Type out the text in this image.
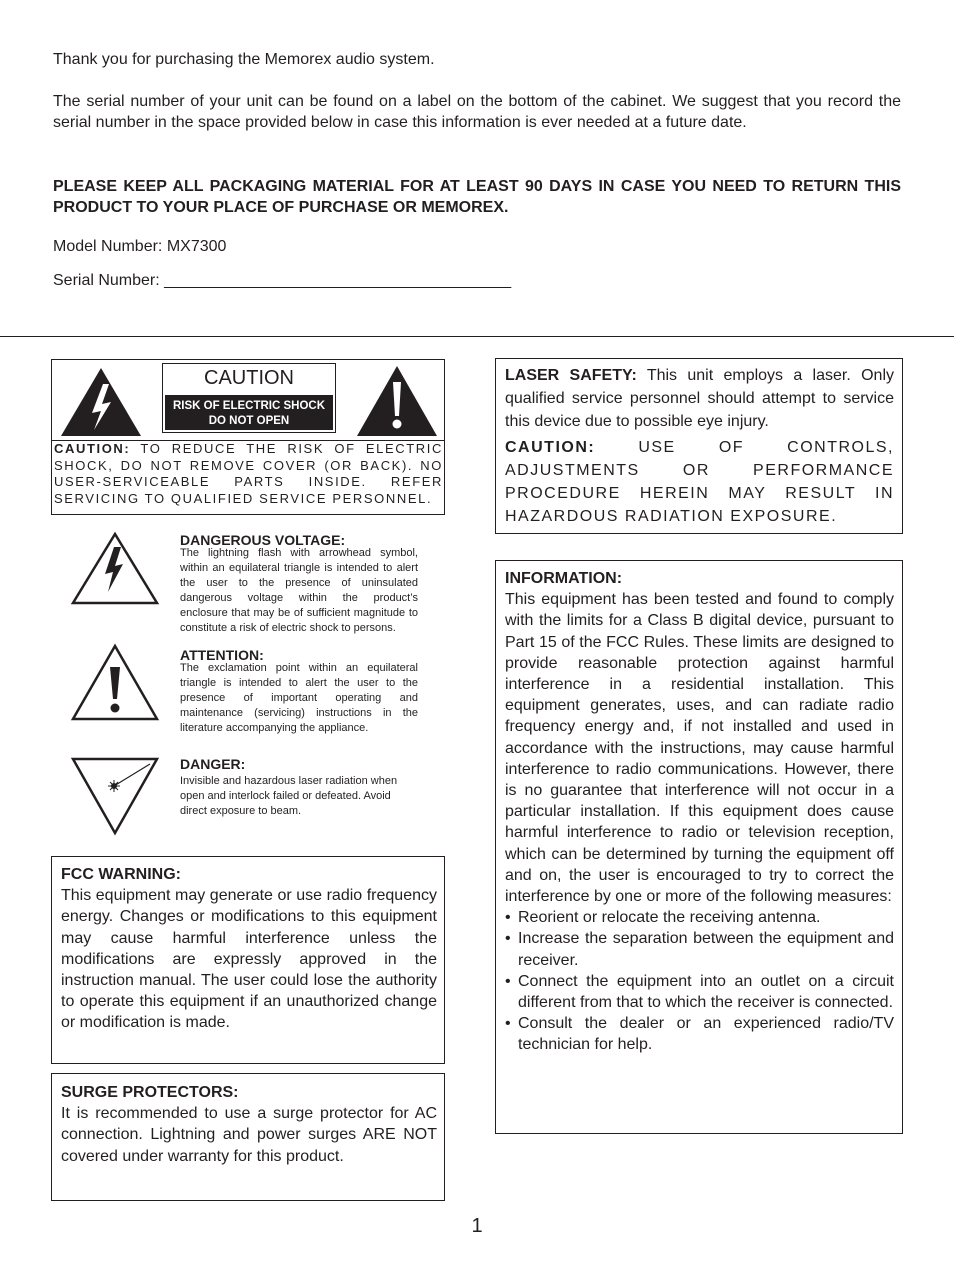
Thank you for purchasing the Memorex audio system.
The serial number of your unit can be found on a label on the bottom of the cabinet. We suggest that you record the serial number in the space provided below in case this information is ever needed at a future date.
PLEASE KEEP ALL PACKAGING MATERIAL FOR AT LEAST 90 DAYS IN CASE YOU NEED TO RETURN THIS PRODUCT TO YOUR PLACE OF PURCHASE OR MEMOREX.
Model Number: MX7300
Serial Number: _______________________________________
CAUTION
RISK OF ELECTRIC SHOCK
DO NOT OPEN
CAUTION: TO REDUCE THE RISK OF ELECTRIC SHOCK, DO NOT REMOVE COVER (OR BACK). NO USER-SERVICEABLE PARTS INSIDE. REFER SERVICING TO QUALIFIED SERVICE PERSONNEL.
DANGEROUS VOLTAGE:
The lightning flash with arrowhead symbol, within an equilateral triangle is intended to alert the user to the presence of uninsulated dangerous voltage within the product’s enclosure that may be of sufficient magnitude to constitute a risk of electric shock to persons.
ATTENTION:
The exclamation point within an equilateral triangle is intended to alert the user to the presence of important operating and maintenance (servicing) instructions in the literature accompanying the appliance.
DANGER:
Invisible and hazardous laser radiation when open and interlock failed or defeated. Avoid direct exposure to beam.
FCC WARNING:
This equipment may generate or use radio frequency energy. Changes or modifications to this equipment may cause harmful interference unless the modifications are expressly approved in the instruction manual. The user could lose the authority to operate this equipment if an unauthorized change or modification is made.
SURGE PROTECTORS:
It is recommended to use a surge protector for AC connection. Lightning and power surges ARE NOT covered under warranty for this product.
LASER SAFETY: This unit employs a laser. Only qualified service personnel should attempt to service this device due to possible eye injury.
CAUTION:	USE OF CONTROLS, ADJUSTMENTS OR PERFORMANCE PROCEDURE HEREIN MAY RESULT IN HAZARDOUS RADIATION EXPOSURE.
INFORMATION:
This equipment has been tested and found to comply with the limits for a Class B digital device, pursuant to Part 15 of the FCC Rules. These limits are designed to provide reasonable protection against harmful interference in a residential installation. This equipment generates, uses, and can radiate radio frequency energy and, if not installed and used in accordance with the instructions, may cause harmful interference to radio communications. However, there is no guarantee that interference will not occur in a particular installation. If this equipment does cause harmful interference to radio or television reception, which can be determined by turning the equipment off and on, the user is encouraged to try to correct the interference by one or more of the following measures:
• Reorient or relocate the receiving antenna.
• Increase the separation between the equipment and receiver.
• Connect the equipment into an outlet on a circuit different from that to which the receiver is connected.
• Consult the dealer or an experienced radio/TV technician for help.
1
